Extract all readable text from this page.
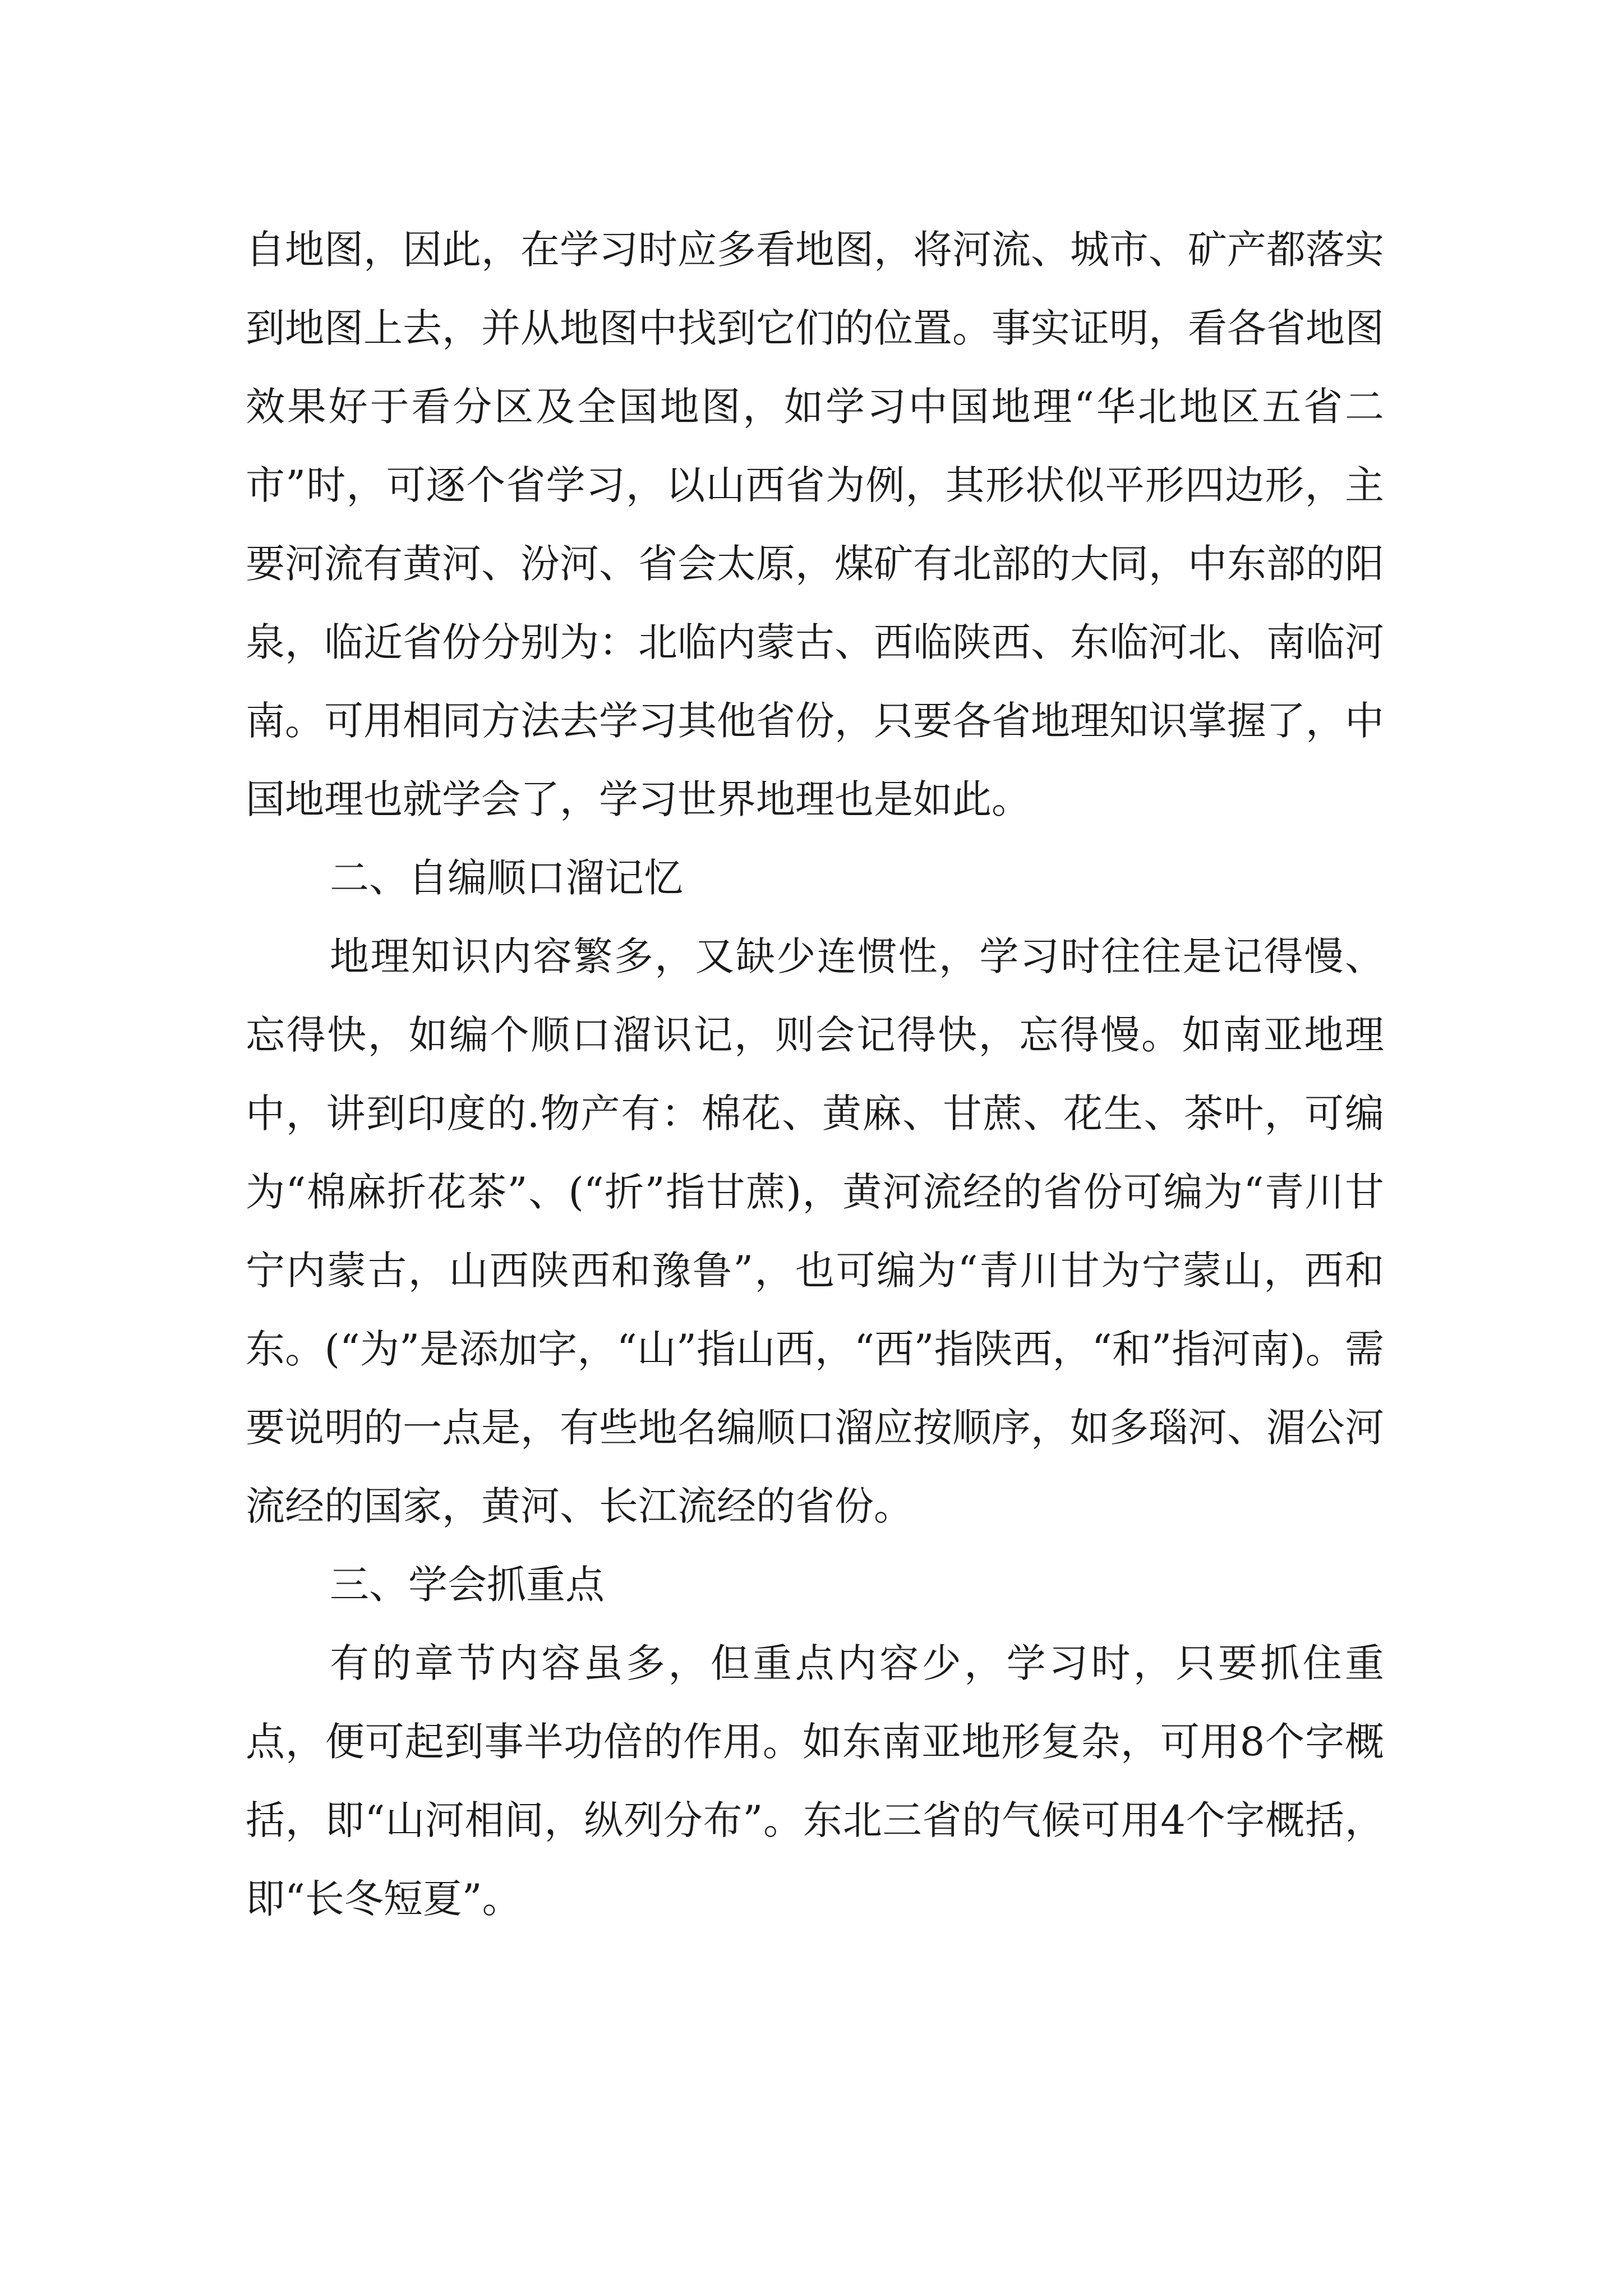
自地图，因此，在学习时应多看地图，将河流、城市、矿产都落实到地图上去，并从地图中找到它们的位置。事实证明，看各省地图效果好于看分区及全国地图，如学习中国地理“华北地区五省二市”时，可逐个省学习，以山西省为例，其形状似平形四边形，主要河流有黄河、汾河、省会太原，煤矿有北部的大同，中东部的阳泉，临近省份分别为：北临内蒙古、西临陕西、东临河北、南临河南。可用相同方法去学习其他省份，只要各省地理知识掌握了，中国地理也就学会了，学习世界地理也是如此。

二、自编顺口溜记忆

地理知识内容繁多，又缺少连惯性，学习时往往是记得慢、忘得快，如编个顺口溜识记，则会记得快，忘得慢。如南亚地理中，讲到印度的.物产有：棉花、黄麻、甘蔗、花生、茶叶，可编为“棉麻折花茶”、(“折”指甘蔗)，黄河流经的省份可编为“青川甘宁内蒙古，山西陕西和豫鲁”，也可编为“青川甘为宁蒙山，西和东。(“为”是添加字，“山”指山西，“西”指陕西，“和”指河南)。需要说明的一点是，有些地名编顺口溜应按顺序，如多瑙河、湄公河流经的国家，黄河、长江流经的省份。

三、学会抓重点

有的章节内容虽多，但重点内容少，学习时，只要抓住重点，便可起到事半功倍的作用。如东南亚地形复杂，可用8个字概括，即“山河相间，纵列分布”。东北三省的气候可用4个字概括，即“长冬短夏”。
